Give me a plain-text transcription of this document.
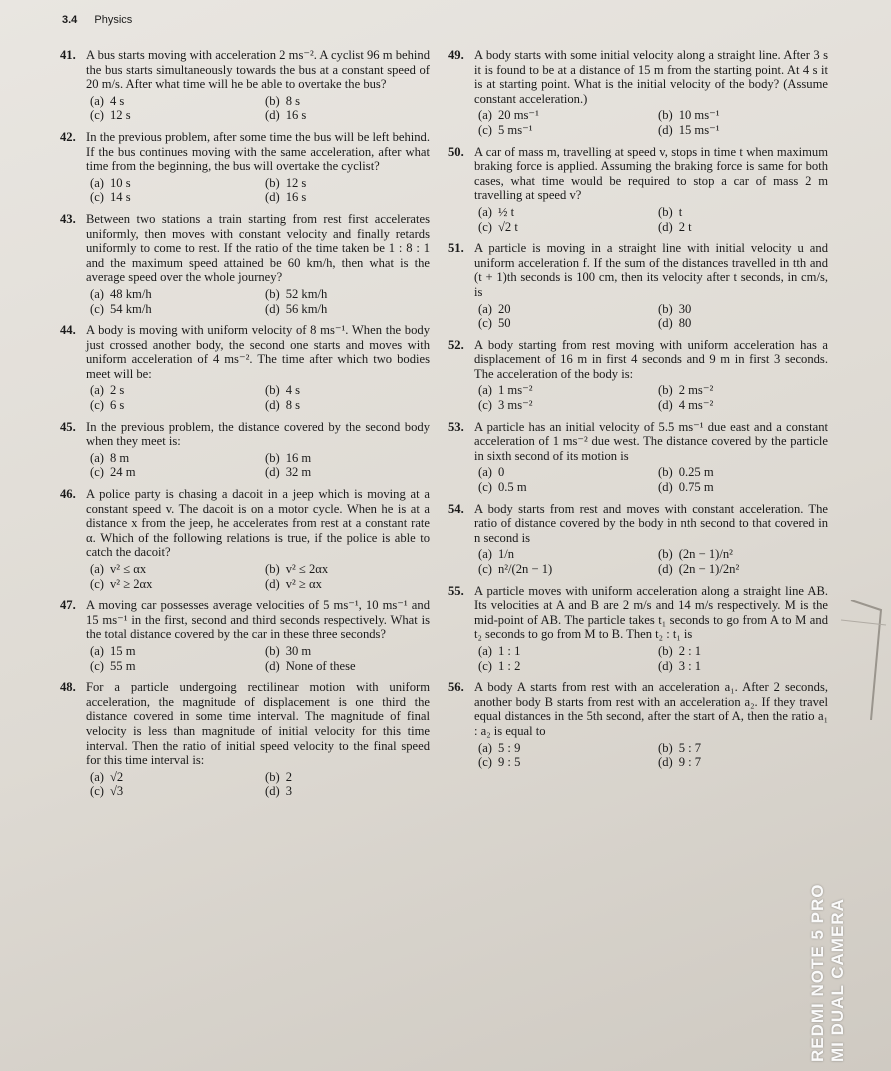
3.4 Physics
41. A bus starts moving with acceleration 2 ms⁻². A cyclist 96 m behind the bus starts simultaneously towards the bus at a constant speed of 20 m/s. After what time will he be able to overtake the bus?
(a) 4 s	(b) 8 s
(c) 12 s	(d) 16 s
42. In the previous problem, after some time the bus will be left behind. If the bus continues moving with the same acceleration, after what time from the beginning, the bus will overtake the cyclist?
(a) 10 s	(b) 12 s
(c) 14 s	(d) 16 s
43. Between two stations a train starting from rest first accelerates uniformly, then moves with constant velocity and finally retards uniformly to come to rest. If the ratio of the time taken be 1 : 8 : 1 and the maximum speed attained be 60 km/h, then what is the average speed over the whole journey?
(a) 48 km/h	(b) 52 km/h
(c) 54 km/h	(d) 56 km/h
44. A body is moving with uniform velocity of 8 ms⁻¹. When the body just crossed another body, the second one starts and moves with uniform acceleration of 4 ms⁻². The time after which two bodies meet will be:
(a) 2 s	(b) 4 s
(c) 6 s	(d) 8 s
45. In the previous problem, the distance covered by the second body when they meet is:
(a) 8 m	(b) 16 m
(c) 24 m	(d) 32 m
46. A police party is chasing a dacoit in a jeep which is moving at a constant speed v. The dacoit is on a motor cycle. When he is at a distance x from the jeep, he accelerates from rest at a constant rate α. Which of the following relations is true, if the police is able to catch the dacoit?
(a) v² ≤ αx	(b) v² ≤ 2αx
(c) v² ≥ 2αx	(d) v² ≥ αx
47. A moving car possesses average velocities of 5 ms⁻¹, 10 ms⁻¹ and 15 ms⁻¹ in the first, second and third seconds respectively. What is the total distance covered by the car in these three seconds?
(a) 15 m	(b) 30 m
(c) 55 m	(d) None of these
48. For a particle undergoing rectilinear motion with uniform acceleration, the magnitude of displacement is one third the distance covered in some time interval. The magnitude of final velocity is less than magnitude of initial velocity for this time interval. Then the ratio of initial speed velocity to the final speed for this time interval is:
(a) √2	(b) 2
(c) √3	(d) 3
49. A body starts with some initial velocity along a straight line. After 3 s it is found to be at a distance of 15 m from the starting point. At 4 s it is at starting point. What is the initial velocity of the body? (Assume constant acceleration.)
(a) 20 ms⁻¹	(b) 10 ms⁻¹
(c) 5 ms⁻¹	(d) 15 ms⁻¹
50. A car of mass m, travelling at speed v, stops in time t when maximum braking force is applied. Assuming the braking force is same for both cases, what time would be required to stop a car of mass 2 m travelling at speed v?
(a) ½ t	(b) t
(c) √2 t	(d) 2 t
51. A particle is moving in a straight line with initial velocity u and uniform acceleration f. If the sum of the distances travelled in tth and (t + 1)th seconds is 100 cm, then its velocity after t seconds, in cm/s, is
(a) 20	(b) 30
(c) 50	(d) 80
52. A body starting from rest moving with uniform acceleration has a displacement of 16 m in first 4 seconds and 9 m in first 3 seconds. The acceleration of the body is:
(a) 1 ms⁻²	(b) 2 ms⁻²
(c) 3 ms⁻²	(d) 4 ms⁻²
53. A particle has an initial velocity of 5.5 ms⁻¹ due east and a constant acceleration of 1 ms⁻² due west. The distance covered by the particle in sixth second of its motion is
(a) 0	(b) 0.25 m
(c) 0.5 m	(d) 0.75 m
54. A body starts from rest and moves with constant acceleration. The ratio of distance covered by the body in nth second to that covered in n second is
(a) 1/n	(b) (2n − 1)/n²
(c) n²/(2n − 1)	(d) (2n − 1)/2n²
55. A particle moves with uniform acceleration along a straight line AB. Its velocities at A and B are 2 m/s and 14 m/s respectively. M is the mid-point of AB. The particle takes t₁ seconds to go from A to M and t₂ seconds to go from M to B. Then t₂ : t₁ is
(a) 1 : 1	(b) 2 : 1
(c) 1 : 2	(d) 3 : 1
56. A body A starts from rest with an acceleration a₁. After 2 seconds, another body B starts from rest with an acceleration a₂. If they travel equal distances in the 5th second, after the start of A, then the ratio a₁ : a₂ is equal to
(a) 5 : 9	(b) 5 : 7
(c) 9 : 5	(d) 9 : 7
REDMI NOTE 5 PRO MI DUAL CAMERA
